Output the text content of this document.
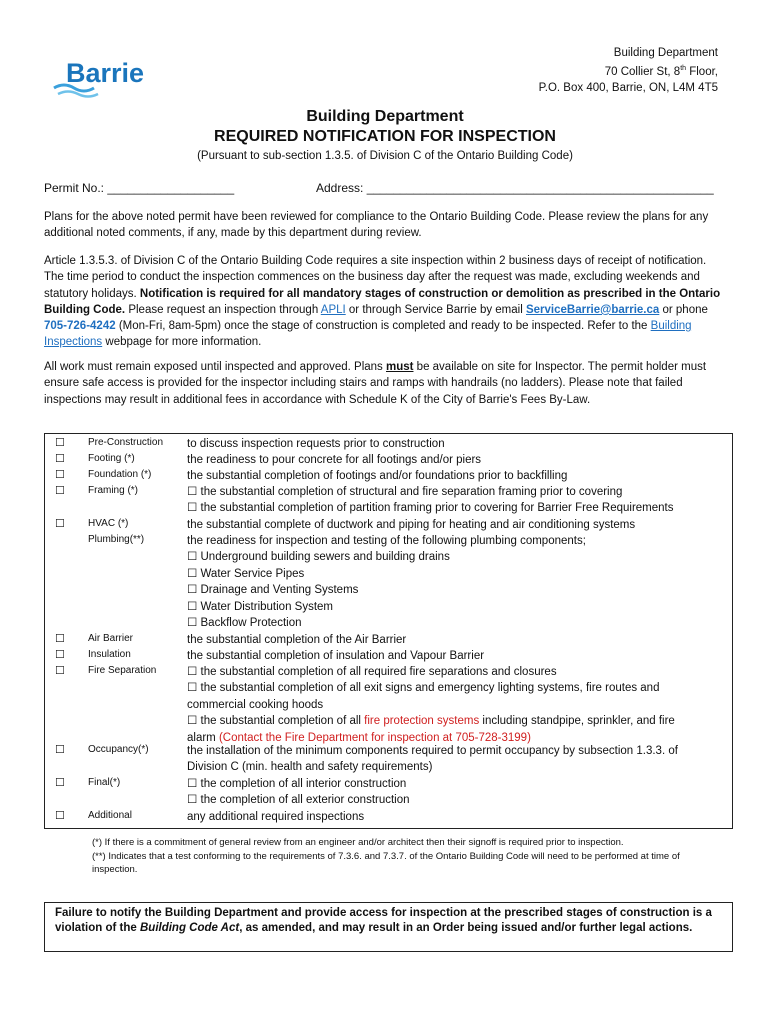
Barrie
Building Department
70 Collier St, 8th Floor,
P.O. Box 400, Barrie, ON, L4M 4T5
Building Department
REQUIRED NOTIFICATION FOR INSPECTION
(Pursuant to sub-section 1.3.5. of Division C of the Ontario Building Code)
Permit No.: ___________________	Address: ____________________________________________________
Plans for the above noted permit have been reviewed for compliance to the Ontario Building Code. Please review the plans for any additional noted comments, if any, made by this department during review.
Article 1.3.5.3. of Division C of the Ontario Building Code requires a site inspection within 2 business days of receipt of notification. The time period to conduct the inspection commences on the business day after the request was made, excluding weekends and statutory holidays. Notification is required for all mandatory stages of construction or demolition as prescribed in the Ontario Building Code. Please request an inspection through APLI or through Service Barrie by email ServiceBarrie@barrie.ca or phone 705-726-4242 (Mon-Fri, 8am-5pm) once the stage of construction is completed and ready to be inspected. Refer to the Building Inspections webpage for more information.
All work must remain exposed until inspected and approved. Plans must be available on site for Inspector. The permit holder must ensure safe access is provided for the inspector including stairs and ramps with handrails (no ladders). Please note that failed inspections may result in additional fees in accordance with Schedule K of the City of Barrie's Fees By-Law.
☐ Pre-Construction to discuss inspection requests prior to construction
☐ Footing (*)	the readiness to pour concrete for all footings and/or piers
☐ Foundation (*)	the substantial completion of footings and/or foundations prior to backfilling
☐ Framing (*)	☐ the substantial completion of structural and fire separation framing prior to covering
☐ the substantial completion of partition framing prior to covering for Barrier Free Requirements
☐ HVAC (*)	the substantial complete of ductwork and piping for heating and air conditioning systems
Plumbing(**)	the readiness for inspection and testing of the following plumbing components;
☐ Underground building sewers and building drains
☐ Water Service Pipes
☐ Drainage and Venting Systems
☐ Water Distribution System
☐ Backflow Protection
☐ Air Barrier	the substantial completion of the Air Barrier
☐ Insulation	the substantial completion of insulation and Vapour Barrier
☐ Fire Separation	☐ the substantial completion of all required fire separations and closures
☐ the substantial completion of all exit signs and emergency lighting systems, fire routes and
commercial cooking hoods
☐ the substantial completion of all fire protection systems including standpipe, sprinkler, and fire
alarm (Contact the Fire Department for inspection at 705-728-3199)
☐ Occupancy(*)	the installation of the minimum components required to permit occupancy by subsection 1.3.3. of
Division C (min. health and safety requirements)
☐ Final(*)	☐ the completion of all interior construction
☐ the completion of all exterior construction
☐ Additional	any additional required inspections
(*) If there is a commitment of general review from an engineer and/or architect then their signoff is required prior to inspection.
(**) Indicates that a test conforming to the requirements of 7.3.6. and 7.3.7. of the Ontario Building Code will need to be performed at time of inspection.
Failure to notify the Building Department and provide access for inspection at the prescribed stages of construction is a violation of the Building Code Act, as amended, and may result in an Order being issued and/or further legal actions.
